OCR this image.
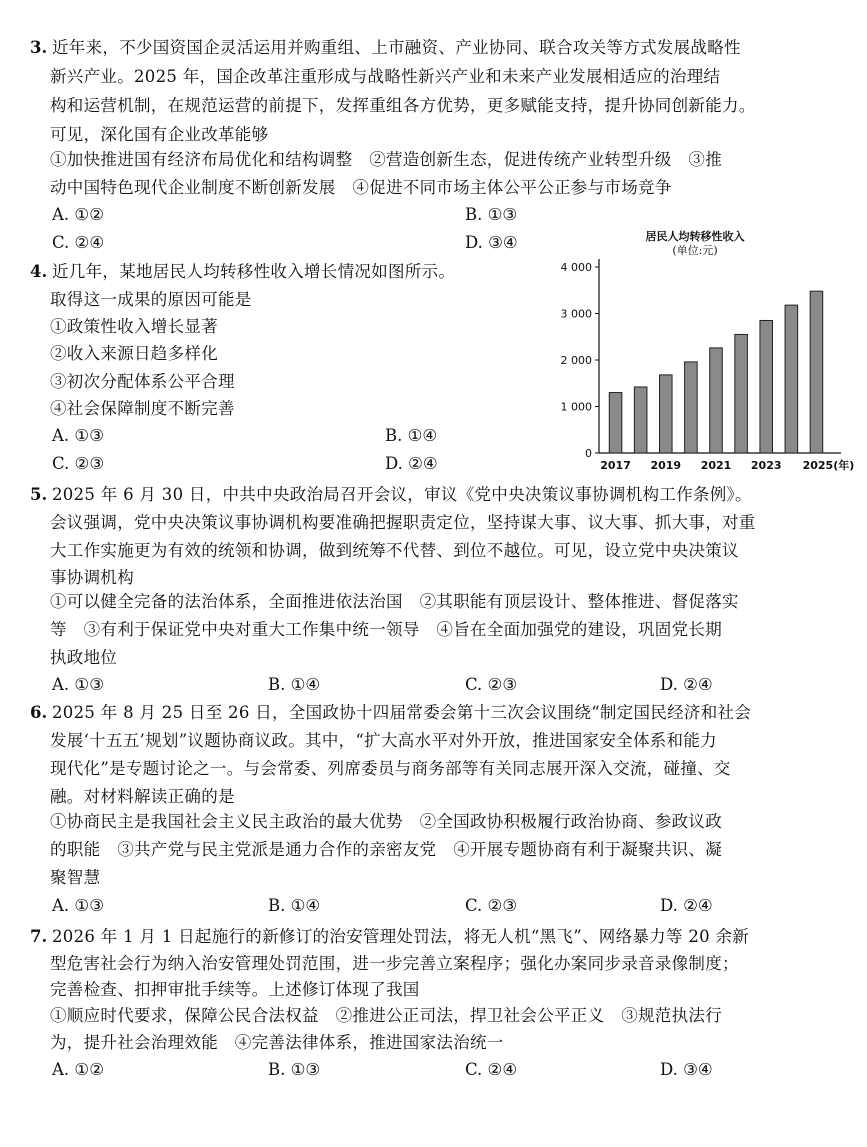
3. 近年来，不少国资国企灵活运用并购重组、上市融资、产业协同、联合攻关等方式发展战略性
新兴产业。2025 年，国企改革注重形成与战略性新兴产业和未来产业发展相适应的治理结
构和运营机制，在规范运营的前提下，发挥重组各方优势，更多赋能支持，提升协同创新能力。
可见，深化国有企业改革能够
①加快推进国有经济布局优化和结构调整　②营造创新生态，促进传统产业转型升级　③推
动中国特色现代企业制度不断创新发展　④促进不同市场主体公平公正参与市场竞争
A. ①②	B. ①③
C. ②④	D. ③④
4. 近几年，某地居民人均转移性收入增长情况如图所示。
取得这一成果的原因可能是
①政策性收入增长显著
②收入来源日趋多样化
③初次分配体系公平合理
④社会保障制度不断完善
A. ①③	B. ①④
C. ②③	D. ②④
居民人均转移性收入
(单位:元)
0
1 000
2 000
3 000
4 000
2017 2019 2021 2023 2025(年)
5. 2025 年 6 月 30 日，中共中央政治局召开会议，审议《党中央决策议事协调机构工作条例》。
会议强调，党中央决策议事协调机构要准确把握职责定位，坚持谋大事、议大事、抓大事，对重
大工作实施更为有效的统领和协调，做到统筹不代替、到位不越位。可见，设立党中央决策议
事协调机构
①可以健全完备的法治体系，全面推进依法治国　②其职能有顶层设计、整体推进、督促落实
等　③有利于保证党中央对重大工作集中统一领导　④旨在全面加强党的建设，巩固党长期
执政地位
A. ①③	B. ①④	C. ②③	D. ②④
6. 2025 年 8 月 25 日至 26 日，全国政协十四届常委会第十三次会议围绕“制定国民经济和社会
发展‘十五五’规划”议题协商议政。其中，“扩大高水平对外开放，推进国家安全体系和能力
现代化”是专题讨论之一。与会常委、列席委员与商务部等有关同志展开深入交流，碰撞、交
融。对材料解读正确的是
①协商民主是我国社会主义民主政治的最大优势　②全国政协积极履行政治协商、参政议政
的职能　③共产党与民主党派是通力合作的亲密友党　④开展专题协商有利于凝聚共识、凝
聚智慧
A. ①③	B. ①④	C. ②③	D. ②④
7. 2026 年 1 月 1 日起施行的新修订的治安管理处罚法，将无人机“黑飞”、网络暴力等 20 余新
型危害社会行为纳入治安管理处罚范围，进一步完善立案程序；强化办案同步录音录像制度；
完善检查、扣押审批手续等。上述修订体现了我国
①顺应时代要求，保障公民合法权益　②推进公正司法，捍卫社会公平正义　③规范执法行
为，提升社会治理效能　④完善法律体系，推进国家法治统一
A. ①②	B. ①③	C. ②④	D. ③④
